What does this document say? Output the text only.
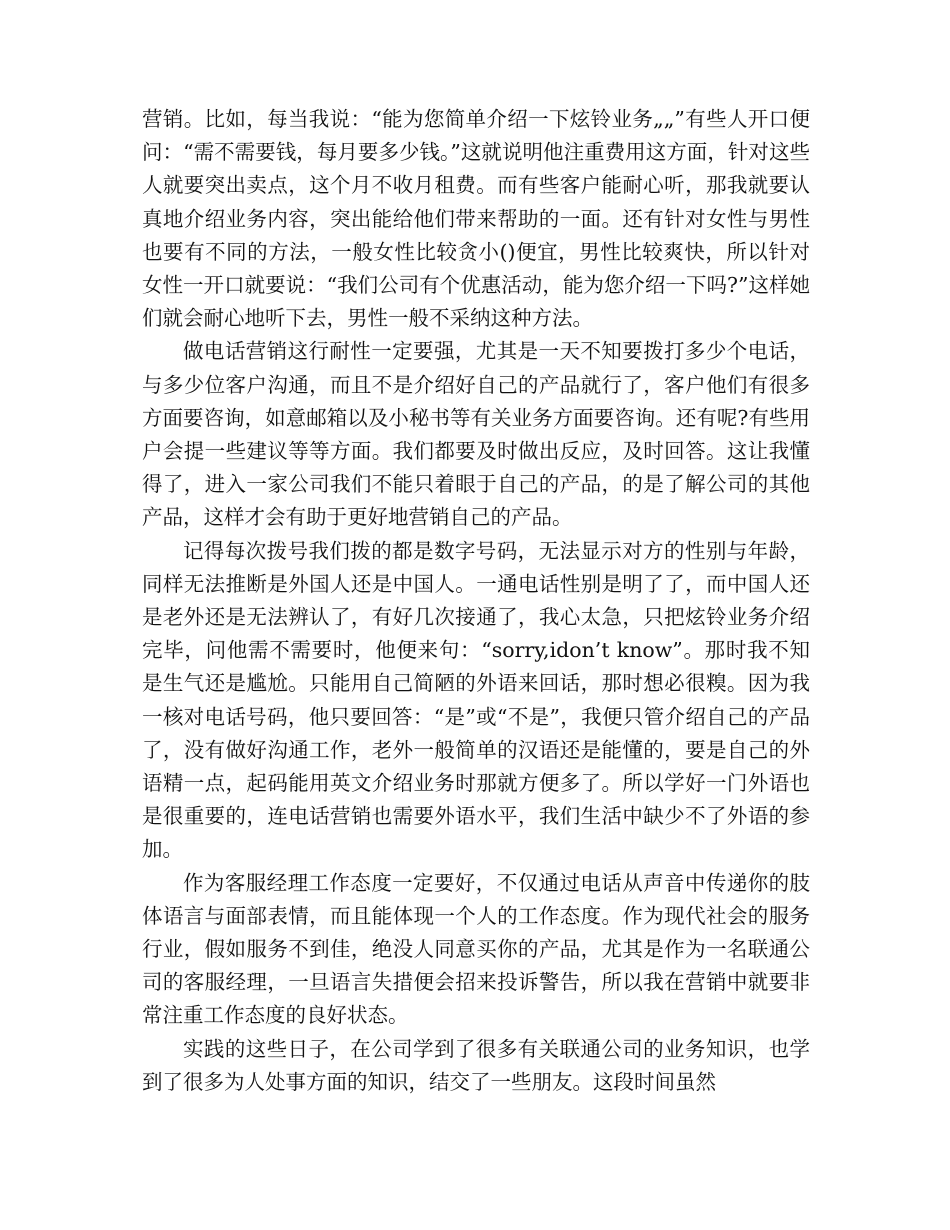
营销。比如，每当我说：“能为您简单介绍一下炫铃业务„„”有些人开口便问：“需不需要钱，每月要多少钱。”这就说明他注重费用这方面，针对这些人就要突出卖点，这个月不收月租费。而有些客户能耐心听，那我就要认真地介绍业务内容，突出能给他们带来帮助的一面。还有针对女性与男性也要有不同的方法，一般女性比较贪小()便宜，男性比较爽快，所以针对女性一开口就要说：“我们公司有个优惠活动，能为您介绍一下吗?”这样她们就会耐心地听下去，男性一般不采纳这种方法。

做电话营销这行耐性一定要强，尤其是一天不知要拨打多少个电话，与多少位客户沟通，而且不是介绍好自己的产品就行了，客户他们有很多方面要咨询，如意邮箱以及小秘书等有关业务方面要咨询。还有呢?有些用户会提一些建议等等方面。我们都要及时做出反应，及时回答。这让我懂得了，进入一家公司我们不能只着眼于自己的产品，的是了解公司的其他产品，这样才会有助于更好地营销自己的产品。

记得每次拨号我们拨的都是数字号码，无法显示对方的性别与年龄，同样无法推断是外国人还是中国人。一通电话性别是明了了，而中国人还是老外还是无法辨认了，有好几次接通了，我心太急，只把炫铃业务介绍完毕，问他需不需要时，他便来句：“sorry,idon’t know”。那时我不知是生气还是尴尬。只能用自己简陋的外语来回话，那时想必很糗。因为我一核对电话号码，他只要回答：“是”或“不是”，我便只管介绍自己的产品了，没有做好沟通工作，老外一般简单的汉语还是能懂的，要是自己的外语精一点，起码能用英文介绍业务时那就方便多了。所以学好一门外语也是很重要的，连电话营销也需要外语水平，我们生活中缺少不了外语的参加。

作为客服经理工作态度一定要好，不仅通过电话从声音中传递你的肢体语言与面部表情，而且能体现一个人的工作态度。作为现代社会的服务行业，假如服务不到佳，绝没人同意买你的产品，尤其是作为一名联通公司的客服经理，一旦语言失措便会招来投诉警告，所以我在营销中就要非常注重工作态度的良好状态。

实践的这些日子，在公司学到了很多有关联通公司的业务知识，也学到了很多为人处事方面的知识，结交了一些朋友。这段时间虽然
